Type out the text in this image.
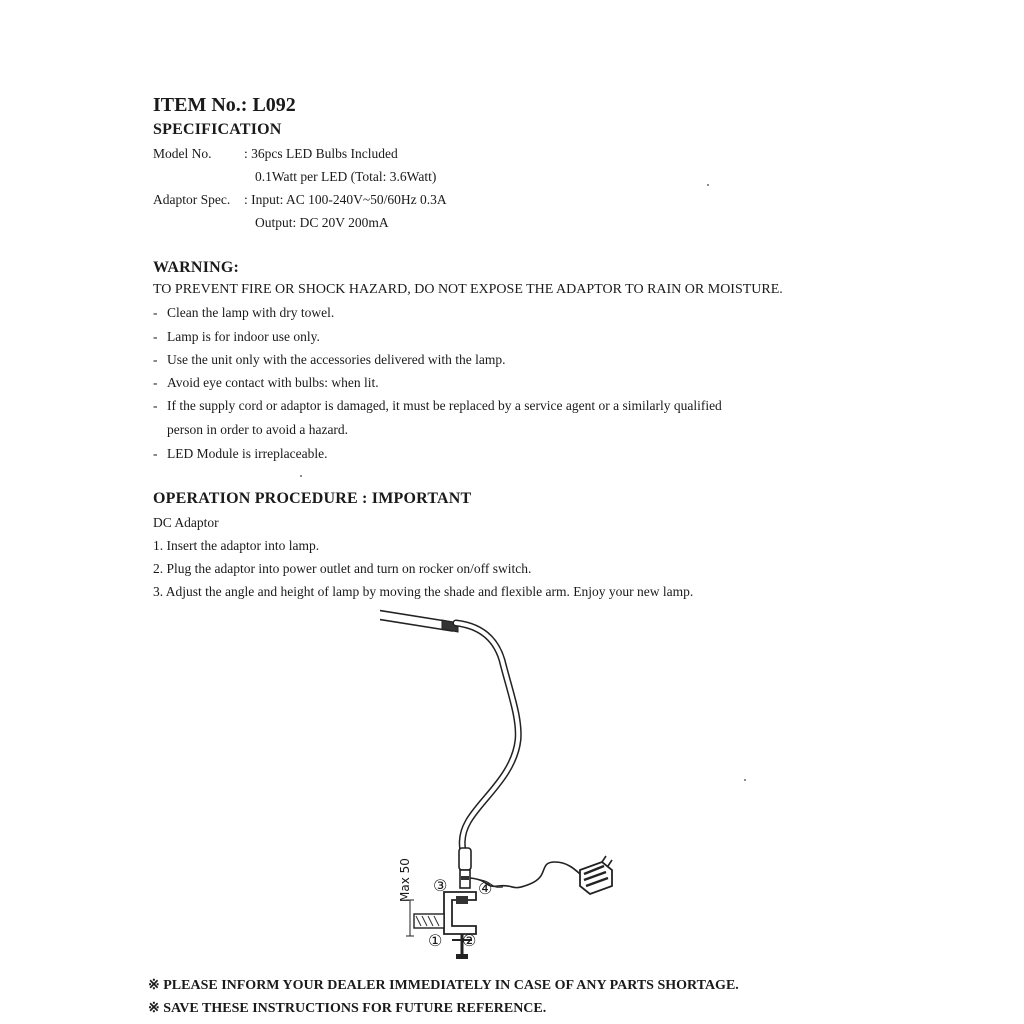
ITEM No.: L092
SPECIFICATION
Model No. : 36pcs LED Bulbs Included
0.1Watt per LED (Total: 3.6Watt)
Adaptor Spec. : Input: AC 100-240V~50/60Hz 0.3A
Output: DC 20V 200mA
WARNING:
TO PREVENT FIRE OR SHOCK HAZARD, DO NOT EXPOSE THE ADAPTOR TO RAIN OR MOISTURE.
- Clean the lamp with dry towel.
- Lamp is for indoor use only.
- Use the unit only with the accessories delivered with the lamp.
- Avoid eye contact with bulbs: when lit.
- If the supply cord or adaptor is damaged, it must be replaced by a service agent or a similarly qualified
person in order to avoid a hazard.
- LED Module is irreplaceable.
OPERATION PROCEDURE : IMPORTANT
DC Adaptor
1. Insert the adaptor into lamp.
2. Plug the adaptor into power outlet and turn on rocker on/off switch.
3. Adjust the angle and height of lamp by moving the shade and flexible arm. Enjoy your new lamp.
Max 50 ③ ④
① ②
※ PLEASE INFORM YOUR DEALER IMMEDIATELY IN CASE OF ANY PARTS SHORTAGE.
※ SAVE THESE INSTRUCTIONS FOR FUTURE REFERENCE.
